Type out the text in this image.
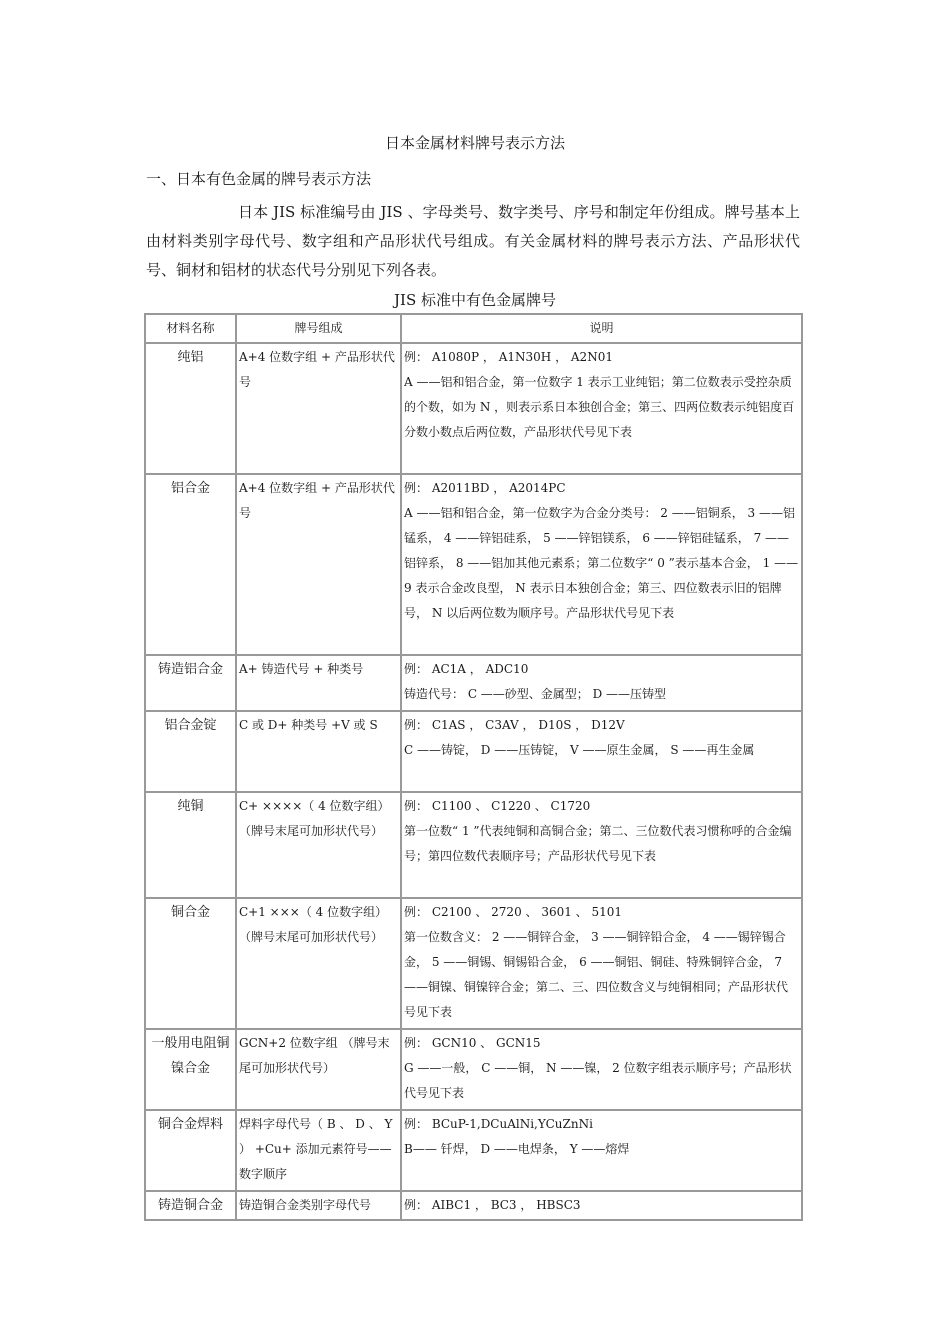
日本金属材料牌号表示方法
一、日本有色金属的牌号表示方法
日本 JIS 标准编号由 JIS 、字母类号、数字类号、序号和制定年份组成。牌号基本上由材料类别字母代号、数字组和产品形状代号组成。有关金属材料的牌号表示方法、产品形状代号、铜材和铝材的状态代号分别见下列各表。
JIS 标准中有色金属牌号
材料名称	牌号组成	说明
纯铝	A+4 位数字组 + 产品形状代号	例： A1080P ， A1N30H ， A2N01
A ——铝和铝合金，第一位数字 1 表示工业纯铝；第二位数表示受控杂质的个数，如为 N ，则表示系日本独创合金；第三、四两位数表示纯铝度百分数小数点后两位数，产品形状代号见下表

铝合金	A+4 位数字组 + 产品形状代号	例： A2011BD ， A2014PC
A ——铝和铝合金，第一位数字为合金分类号： 2 ——铝铜系， 3 ——铝锰系， 4 ——锌铝硅系， 5 ——锌铝镁系， 6 ——锌铝硅锰系， 7 ——铝锌系， 8 ——铝加其他元素系；第二位数字“ 0 ”表示基本合金， 1 —— 9 表示合金改良型， N 表示日本独创合金；第三、四位数表示旧的铝牌号， N 以后两位数为顺序号。产品形状代号见下表

铸造铝合金	A+ 铸造代号 + 种类号	例： AC1A ， ADC10
铸造代号： C ——砂型、金属型； D ——压铸型

铝合金锭	C 或 D+ 种类号 +V 或 S	例： C1AS ， C3AV ， D10S ， D12V
C ——铸锭， D ——压铸锭， V ——原生金属， S ——再生金属

纯铜	C+ ××××（ 4 位数字组） （牌号末尾可加形状代号）	例： C1100 、 C1220 、 C1720
第一位数“ 1 ”代表纯铜和高铜合金；第二、三位数代表习惯称呼的合金编号；第四位数代表顺序号；产品形状代号见下表

铜合金	C+1 ×××（ 4 位数字组） （牌号末尾可加形状代号）	例： C2100 、 2720 、 3601 、 5101
第一位数含义： 2 ——铜锌合金， 3 ——铜锌铅合金， 4 ——锡锌锡合金， 5 ——铜锡、铜锡铅合金， 6 ——铜铝、铜硅、特殊铜锌合金， 7 ——铜镍、铜镍锌合金；第二、三、四位数含义与纯铜相同；产品形状代号见下表

一般用电阻铜镍合金	GCN+2 位数字组 （牌号末尾可加形状代号）	例： GCN10 、 GCN15
G ——一般， C ——铜， N ——镍， 2 位数字组表示顺序号；产品形状代号见下表

铜合金焊料	焊料字母代号（ B 、 D 、 Y ） +Cu+ 添加元素符号——数字顺序	例： BCuP-1,DCuAlNi,YCuZnNi
B—— 钎焊， D ——电焊条， Y ——熔焊

铸造铜合金	铸造铜合金类别字母代号	例： AIBC1 ， BC3 ， HBSC3
